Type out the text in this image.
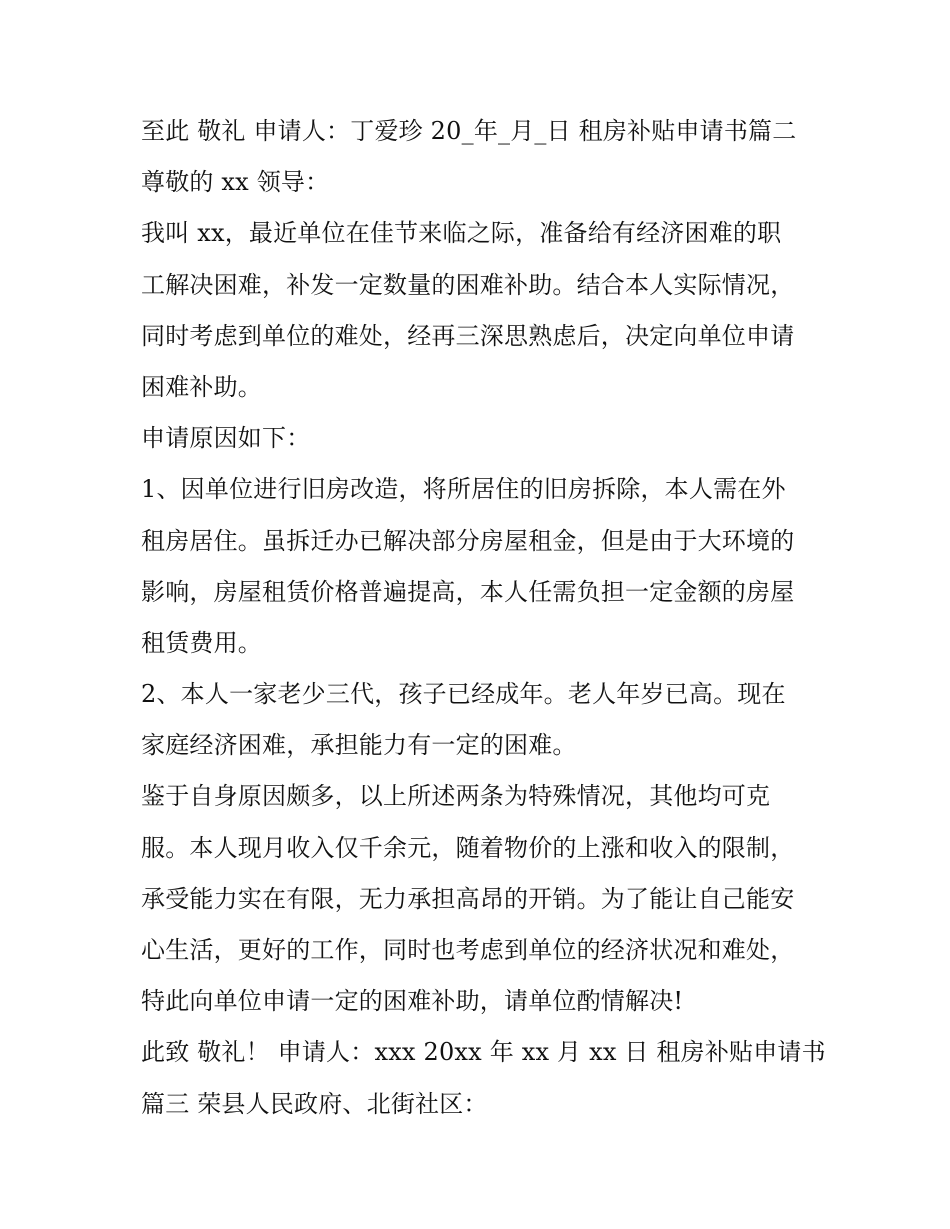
至此 敬礼 申请人：丁爱珍 20_年_月_日 租房补贴申请书篇二
尊敬的 xx 领导：
我叫 xx，最近单位在佳节来临之际，准备给有经济困难的职
工解决困难，补发一定数量的困难补助。结合本人实际情况，
同时考虑到单位的难处，经再三深思熟虑后，决定向单位申请
困难补助。
申请原因如下：
1、因单位进行旧房改造，将所居住的旧房拆除，本人需在外
租房居住。虽拆迁办已解决部分房屋租金，但是由于大环境的
影响，房屋租赁价格普遍提高，本人任需负担一定金额的房屋
租赁费用。
2、本人一家老少三代，孩子已经成年。老人年岁已高。现在
家庭经济困难，承担能力有一定的困难。
鉴于自身原因颇多，以上所述两条为特殊情况，其他均可克
服。本人现月收入仅千余元，随着物价的上涨和收入的限制，
承受能力实在有限，无力承担高昂的开销。为了能让自己能安
心生活，更好的工作，同时也考虑到单位的经济状况和难处，
特此向单位申请一定的困难补助，请单位酌情解决!
此致 敬礼！ 申请人：xxx 20xx 年 xx 月 xx 日 租房补贴申请书
篇三 荣县人民政府、北街社区：
